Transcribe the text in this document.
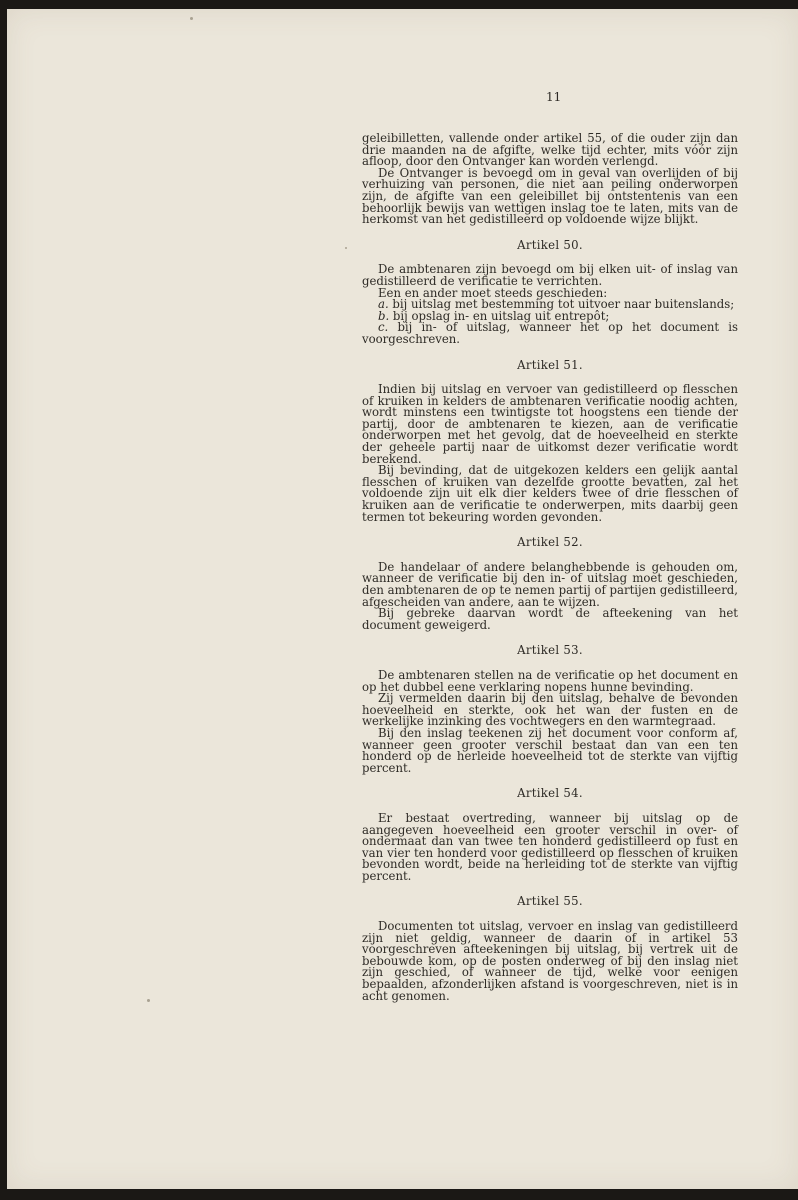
11

geleibilletten, vallende onder artikel 55, of die ouder zijn dan drie maanden na de afgifte, welke tijd echter, mits vóór zijn afloop, door den Ontvanger kan worden verlengd.

De Ontvanger is bevoegd om in geval van overlijden of bij verhuizing van personen, die niet aan peiling onderworpen zijn, de afgifte van een geleibillet bij ontstentenis van een behoorlijk bewijs van wettigen inslag toe te laten, mits van de herkomst van het gedistilleerd op voldoende wijze blijkt.

Artikel 50.

De ambtenaren zijn bevoegd om bij elken uit- of inslag van gedistilleerd de verificatie te verrichten.

Een en ander moet steeds geschieden:

a. bij uitslag met bestemming tot uitvoer naar buitenslands;

b. bij opslag in- en uitslag uit entrepôt;

c. bij in- of uitslag, wanneer het op het document is voorgeschreven.

Artikel 51.

Indien bij uitslag en vervoer van gedistilleerd op flesschen of kruiken in kelders de ambtenaren verificatie noodig achten, wordt minstens een twintigste tot hoogstens een tiende der partij, door de ambtenaren te kiezen, aan de verificatie onderworpen met het gevolg, dat de hoeveelheid en sterkte der geheele partij naar de uitkomst dezer verificatie wordt berekend.

Bij bevinding, dat de uitgekozen kelders een gelijk aantal flesschen of kruiken van dezelfde grootte bevatten, zal het voldoende zijn uit elk dier kelders twee of drie flesschen of kruiken aan de verificatie te onderwerpen, mits daarbij geen termen tot bekeuring worden gevonden.

Artikel 52.

De handelaar of andere belanghebbende is gehouden om, wanneer de verificatie bij den in- of uitslag moet geschieden, den ambtenaren de op te nemen partij of partijen gedistilleerd, afgescheiden van andere, aan te wijzen.

Bij gebreke daarvan wordt de afteekening van het document geweigerd.

Artikel 53.

De ambtenaren stellen na de verificatie op het document en op het dubbel eene verklaring nopens hunne bevinding.

Zij vermelden daarin bij den uitslag, behalve de bevonden hoeveelheid en sterkte, ook het wan der fusten en de werkelijke inzinking des vochtwegers en den warmtegraad.

Bij den inslag teekenen zij het document voor conform af, wanneer geen grooter verschil bestaat dan van een ten honderd op de herleide hoeveelheid tot de sterkte van vijftig percent.

Artikel 54.

Er bestaat overtreding, wanneer bij uitslag op de aangegeven hoeveelheid een grooter verschil in over- of ondermaat dan van twee ten honderd gedistilleerd op fust en van vier ten honderd voor gedistilleerd op flesschen of kruiken bevonden wordt, beide na herleiding tot de sterkte van vijftig percent.

Artikel 55.

Documenten tot uitslag, vervoer en inslag van gedistilleerd zijn niet geldig, wanneer de daarin of in artikel 53 voorgeschreven afteekeningen bij uitslag, bij vertrek uit de bebouwde kom, op de posten onderweg of bij den inslag niet zijn geschied, of wanneer de tijd, welke voor eenigen bepaalden, afzonderlijken afstand is voorgeschreven, niet is in acht genomen.
